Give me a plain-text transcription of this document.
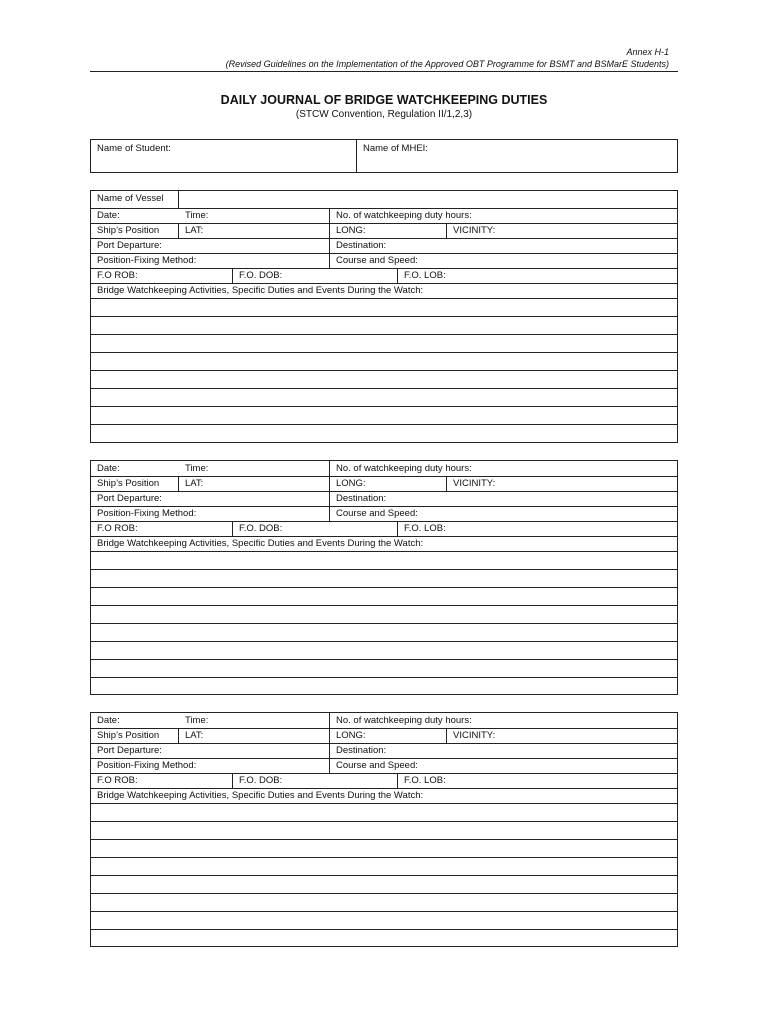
Annex H-1
(Revised Guidelines on the Implementation of the Approved OBT Programme for BSMT and BSMarE Students)
DAILY JOURNAL OF BRIDGE WATCHKEEPING DUTIES
(STCW Convention, Regulation II/1,2,3)
Name of Student:	Name of MHEI:
Name of Vessel
Date:	Time:	No. of watchkeeping duty hours:
Ship’s Position	LAT:	LONG:	VICINITY:
Port Departure:	Destination:
Position-Fixing Method:	Course and Speed:
F.O ROB:	F.O. DOB:	F.O. LOB:
Bridge Watchkeeping Activities, Specific Duties and Events During the Watch:
Date:	Time:	No. of watchkeeping duty hours:
Ship’s Position	LAT:	LONG:	VICINITY:
Port Departure:	Destination:
Position-Fixing Method:	Course and Speed:
F.O ROB:	F.O. DOB:	F.O. LOB:
Bridge Watchkeeping Activities, Specific Duties and Events During the Watch:
Date:	Time:	No. of watchkeeping duty hours:
Ship’s Position	LAT:	LONG:	VICINITY:
Port Departure:	Destination:
Position-Fixing Method:	Course and Speed:
F.O ROB:	F.O. DOB:	F.O. LOB:
Bridge Watchkeeping Activities, Specific Duties and Events During the Watch:
